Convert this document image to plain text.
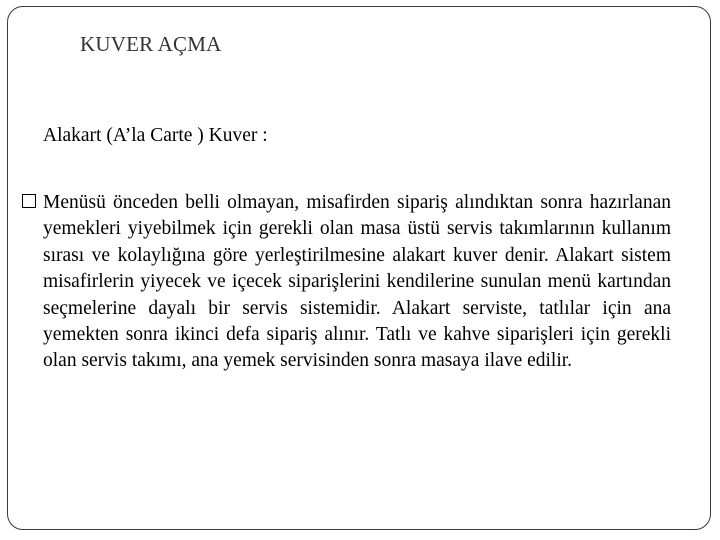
KUVER AÇMA
Alakart (A’la Carte ) Kuver :

Menüsü önceden belli olmayan, misafirden sipariş alındıktan sonra hazırlanan yemekleri yiyebilmek için gerekli olan masa üstü servis takımlarının kullanım sırası ve kolaylığına göre yerleştirilmesine alakart kuver denir. Alakart sistem misafirlerin yiyecek ve içecek siparişlerini kendilerine sunulan menü kartından seçmelerine dayalı bir servis sistemidir. Alakart serviste, tatlılar için ana yemekten sonra ikinci defa sipariş alınır. Tatlı ve kahve siparişleri için gerekli olan servis takımı, ana yemek servisinden sonra masaya ilave edilir.
